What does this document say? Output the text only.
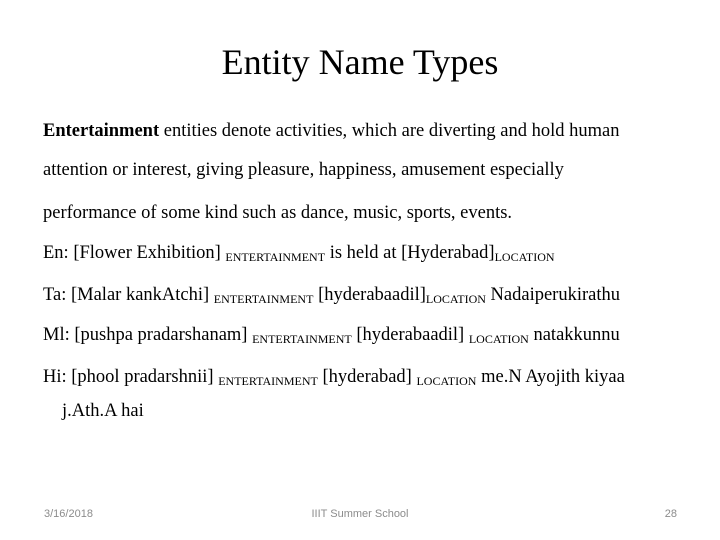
Entity Name Types
Entertainment entities denote activities, which are diverting and hold human
attention or interest, giving pleasure, happiness, amusement especially
performance of some kind such as dance, music, sports, events.
En: [Flower Exhibition] ENTERTAINMENT is held at [Hyderabad]LOCATION
Ta: [Malar kankAtchi] ENTERTAINMENT [hyderabaadil]LOCATION Nadaiperukirathu
Ml: [pushpa pradarshanam] ENTERTAINMENT [hyderabaadil] LOCATION natakkunnu
Hi: [phool pradarshnii] ENTERTAINMENT [hyderabad] LOCATION me.N Ayojith kiyaa
j.Ath.A hai
3/16/2018	IIIT Summer School	28
